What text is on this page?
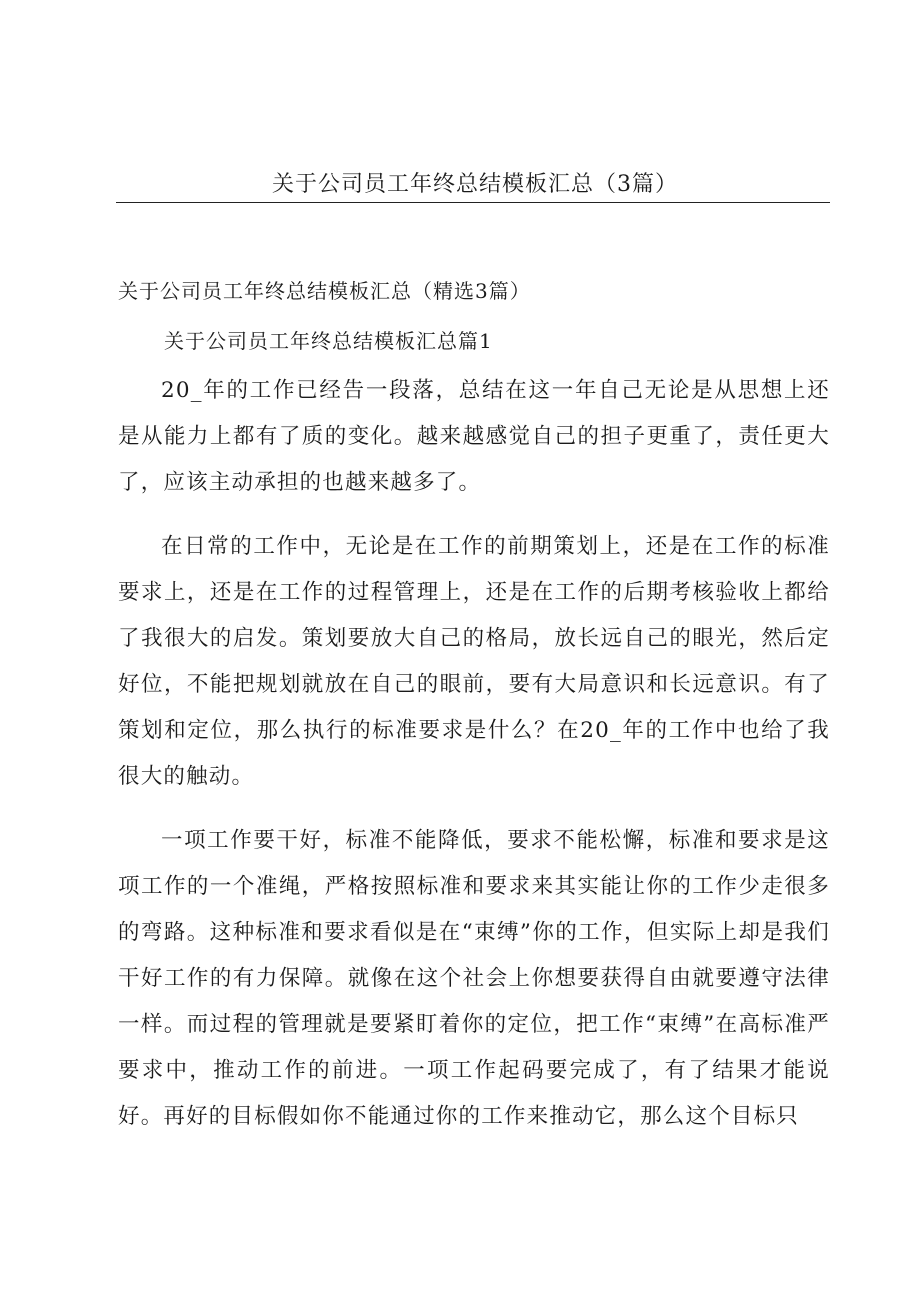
关于公司员工年终总结模板汇总（3篇）

关于公司员工年终总结模板汇总（精选3篇）

关于公司员工年终总结模板汇总篇1

20_年的工作已经告一段落，总结在这一年自己无论是从思想上还是从能力上都有了质的变化。越来越感觉自己的担子更重了，责任更大了，应该主动承担的也越来越多了。

在日常的工作中，无论是在工作的前期策划上，还是在工作的标准要求上，还是在工作的过程管理上，还是在工作的后期考核验收上都给了我很大的启发。策划要放大自己的格局，放长远自己的眼光，然后定好位，不能把规划就放在自己的眼前，要有大局意识和长远意识。有了策划和定位，那么执行的标准要求是什么？在20_年的工作中也给了我很大的触动。

一项工作要干好，标准不能降低，要求不能松懈，标准和要求是这项工作的一个准绳，严格按照标准和要求来其实能让你的工作少走很多的弯路。这种标准和要求看似是在“束缚”你的工作，但实际上却是我们干好工作的有力保障。就像在这个社会上你想要获得自由就要遵守法律一样。而过程的管理就是要紧盯着你的定位，把工作“束缚”在高标准严要求中，推动工作的前进。一项工作起码要完成了，有了结果才能说好。再好的目标假如你不能通过你的工作来推动它，那么这个目标只
